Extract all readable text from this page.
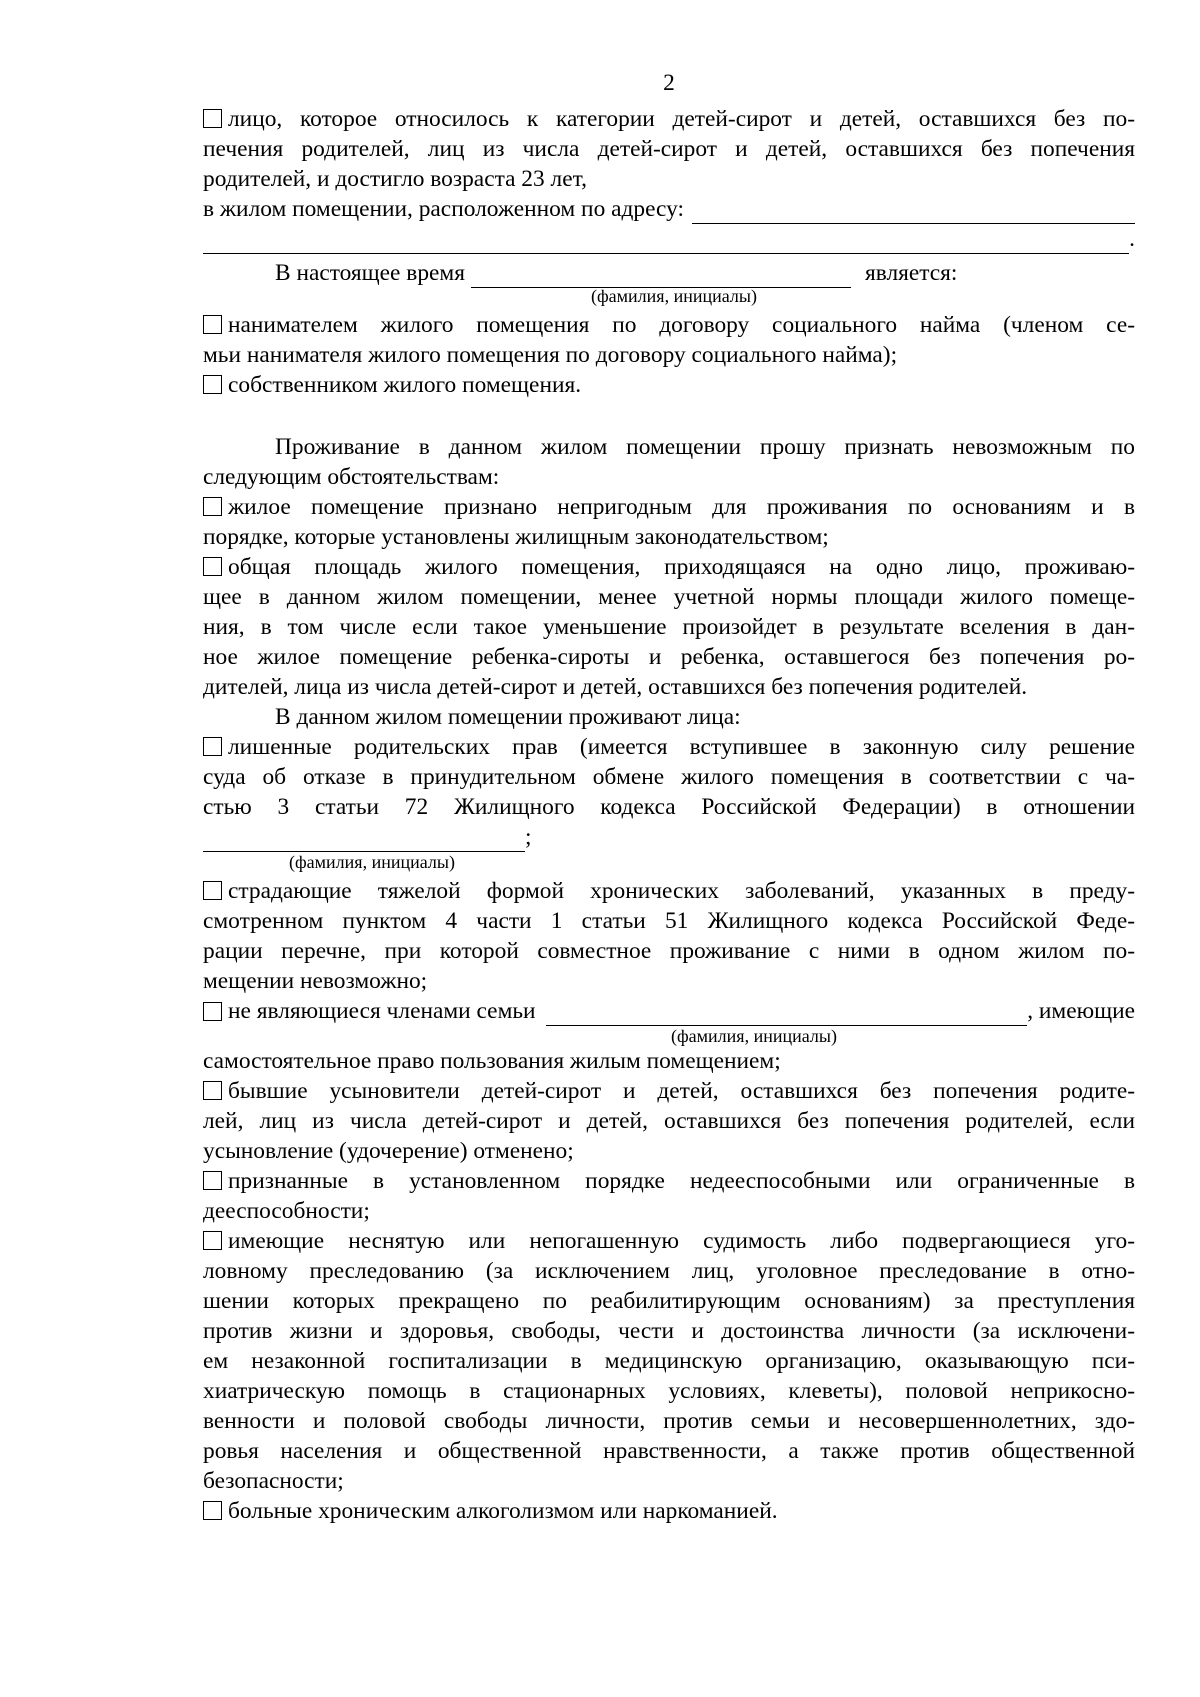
2
лицо, которое относилось к категории детей-сирот и детей, оставшихся без по-
печения родителей, лиц из числа детей-сирот и детей, оставшихся без попечения
родителей, и достигло возраста 23 лет,
в жилом помещении, расположенном по адресу:
.
В настоящее время	является:
(фамилия, инициалы)
нанимателем жилого помещения по договору социального найма (членом се-
мьи нанимателя жилого помещения по договору социального найма);
собственником жилого помещения.
Проживание в данном жилом помещении прошу признать невозможным по
следующим обстоятельствам:
жилое помещение признано непригодным для проживания по основаниям и в
порядке, которые установлены жилищным законодательством;
общая площадь жилого помещения, приходящаяся на одно лицо, проживаю-
щее в данном жилом помещении, менее учетной нормы площади жилого помеще-
ния, в том числе если такое уменьшение произойдет в результате вселения в дан-
ное жилое помещение ребенка-сироты и ребенка, оставшегося без попечения ро-
дителей, лица из числа детей-сирот и детей, оставшихся без попечения родителей.
В данном жилом помещении проживают лица:
лишенные родительских прав (имеется вступившее в законную силу решение
суда об отказе в принудительном обмене жилого помещения в соответствии с ча-
стью 3 статьи 72 Жилищного кодекса Российской Федерации) в отношении
;
(фамилия, инициалы)
страдающие тяжелой формой хронических заболеваний, указанных в преду-
смотренном пунктом 4 части 1 статьи 51 Жилищного кодекса Российской Феде-
рации перечне, при которой совместное проживание с ними в одном жилом по-
мещении невозможно;
не являющиеся членами семьи	, имеющие
(фамилия, инициалы)
самостоятельное право пользования жилым помещением;
бывшие усыновители детей-сирот и детей, оставшихся без попечения родите-
лей, лиц из числа детей-сирот и детей, оставшихся без попечения родителей, если
усыновление (удочерение) отменено;
признанные в установленном порядке недееспособными или ограниченные в
дееспособности;
имеющие неснятую или непогашенную судимость либо подвергающиеся уго-
ловному преследованию (за исключением лиц, уголовное преследование в отно-
шении которых прекращено по реабилитирующим основаниям) за преступления
против жизни и здоровья, свободы, чести и достоинства личности (за исключени-
ем незаконной госпитализации в медицинскую организацию, оказывающую пси-
хиатрическую помощь в стационарных условиях, клеветы), половой неприкосно-
венности и половой свободы личности, против семьи и несовершеннолетних, здо-
ровья населения и общественной нравственности, а также против общественной
безопасности;
больные хроническим алкоголизмом или наркоманией.
